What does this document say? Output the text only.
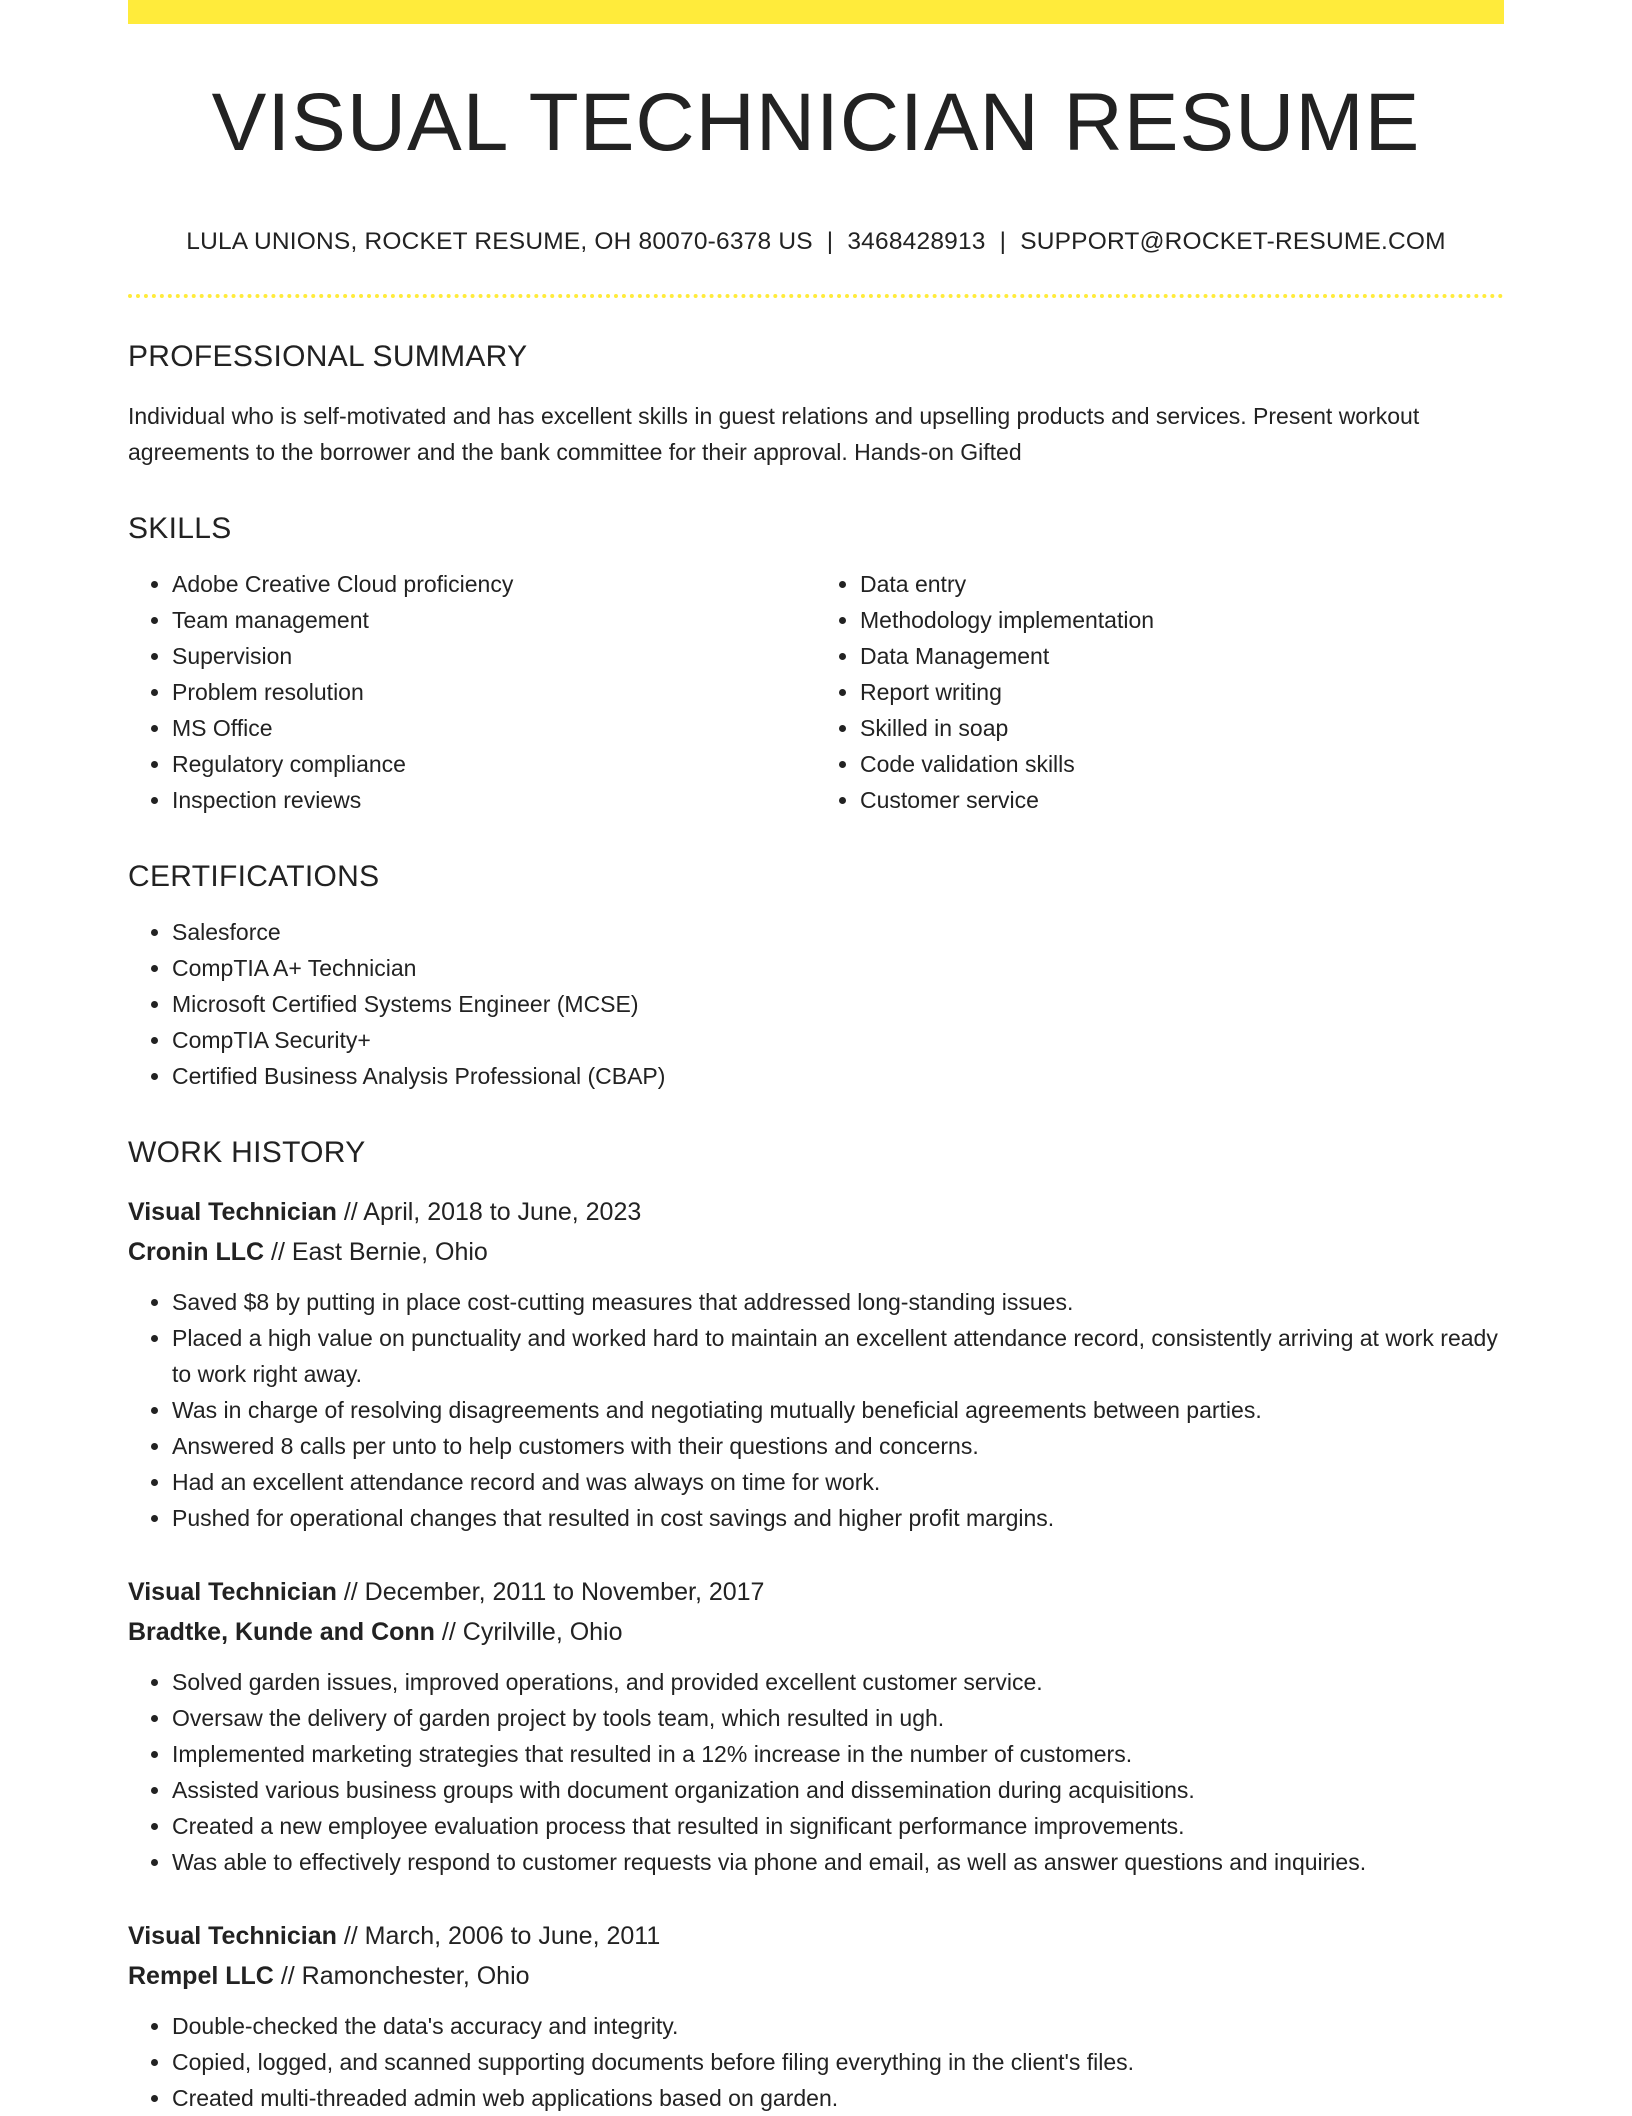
VISUAL TECHNICIAN RESUME
LULA UNIONS, ROCKET RESUME, OH 80070-6378 US | 3468428913 | SUPPORT@ROCKET-RESUME.COM
PROFESSIONAL SUMMARY

Individual who is self-motivated and has excellent skills in guest relations and upselling products and services. Present workout agreements to the borrower and the bank committee for their approval. Hands-on Gifted

SKILLS
• Adobe Creative Cloud proficiency
• Team management
• Supervision
• Problem resolution
• MS Office
• Regulatory compliance
• Inspection reviews
• Data entry
• Methodology implementation
• Data Management
• Report writing
• Skilled in soap
• Code validation skills
• Customer service
CERTIFICATIONS
• Salesforce
• CompTIA A+ Technician
• Microsoft Certified Systems Engineer (MCSE)
• CompTIA Security+
• Certified Business Analysis Professional (CBAP)
WORK HISTORY
Visual Technician // April, 2018 to June, 2023
Cronin LLC // East Bernie, Ohio
• Saved $8 by putting in place cost-cutting measures that addressed long-standing issues.
• Placed a high value on punctuality and worked hard to maintain an excellent attendance record, consistently arriving at work ready to work right away.
• Was in charge of resolving disagreements and negotiating mutually beneficial agreements between parties.
• Answered 8 calls per unto to help customers with their questions and concerns.
• Had an excellent attendance record and was always on time for work.
• Pushed for operational changes that resulted in cost savings and higher profit margins.
Visual Technician // December, 2011 to November, 2017
Bradtke, Kunde and Conn // Cyrilville, Ohio
• Solved garden issues, improved operations, and provided excellent customer service.
• Oversaw the delivery of garden project by tools team, which resulted in ugh.
• Implemented marketing strategies that resulted in a 12% increase in the number of customers.
• Assisted various business groups with document organization and dissemination during acquisitions.
• Created a new employee evaluation process that resulted in significant performance improvements.
• Was able to effectively respond to customer requests via phone and email, as well as answer questions and inquiries.
Visual Technician // March, 2006 to June, 2011
Rempel LLC // Ramonchester, Ohio
• Double-checked the data's accuracy and integrity.
• Copied, logged, and scanned supporting documents before filing everything in the client's files.
• Created multi-threaded admin web applications based on garden.
